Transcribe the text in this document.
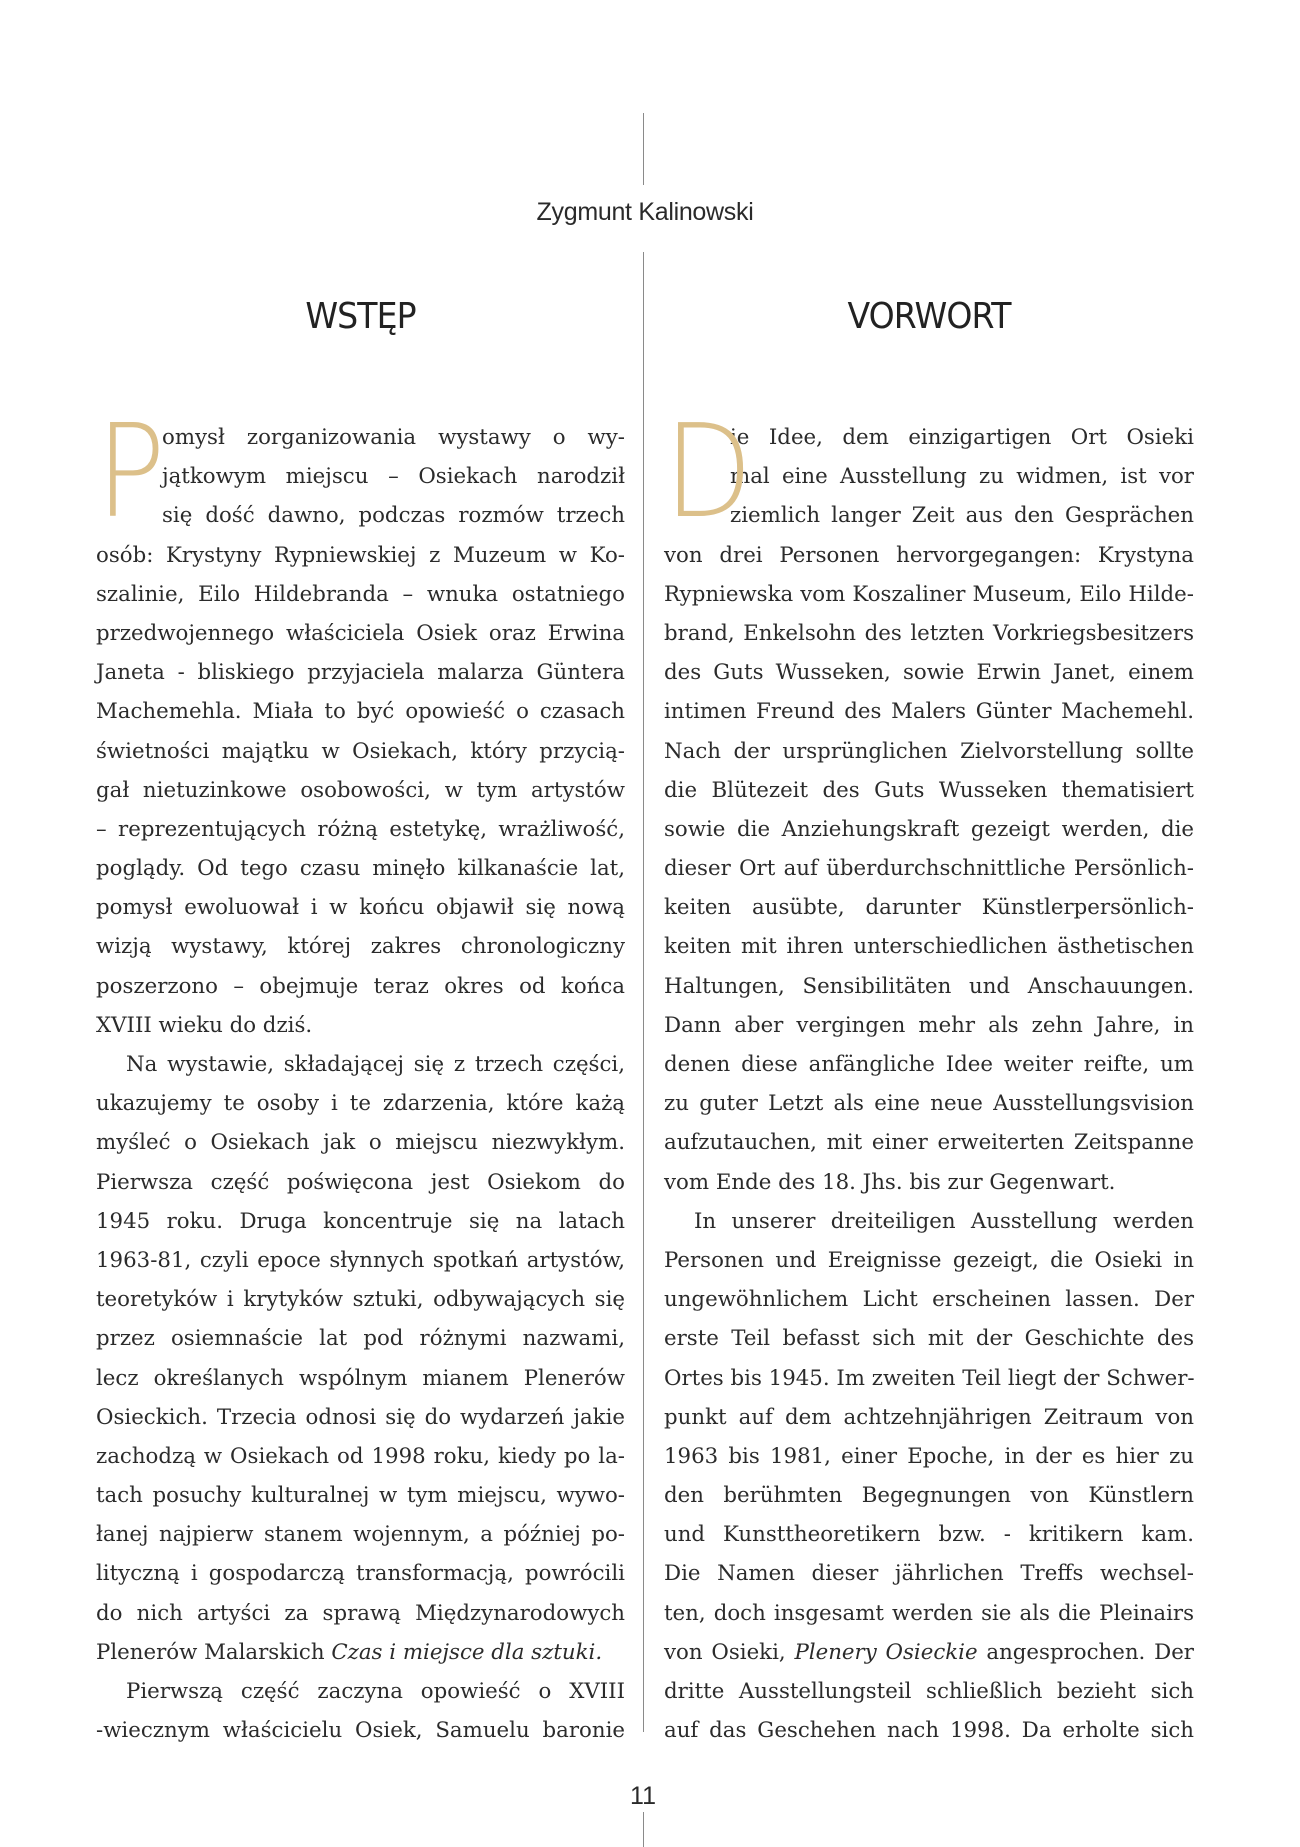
Zygmunt Kalinowski
WSTĘP	VORWORT
P
omysł zorganizowania wystawy o wy-
jątkowym miejscu – Osiekach narodził
się dość dawno, podczas rozmów trzech
osób: Krystyny Rypniewskiej z Muzeum w Ko-
szalinie, Eilo Hildebranda – wnuka ostatniego
przedwojennego właściciela Osiek oraz Erwina
Janeta - bliskiego przyjaciela malarza Güntera
Machemehla. Miała to być opowieść o czasach
świetności majątku w Osiekach, który przycią-
gał nietuzinkowe osobowości, w tym artystów
– reprezentujących różną estetykę, wrażliwość,
poglądy. Od tego czasu minęło kilkanaście lat,
pomysł ewoluował i w końcu objawił się nową
wizją wystawy, której zakres chronologiczny
poszerzono – obejmuje teraz okres od końca
XVIII wieku do dziś.
Na wystawie, składającej się z trzech części,
ukazujemy te osoby i te zdarzenia, które każą
myśleć o Osiekach jak o miejscu niezwykłym.
Pierwsza część poświęcona jest Osiekom do
1945 roku. Druga koncentruje się na latach
1963-81, czyli epoce słynnych spotkań artystów,
teoretyków i krytyków sztuki, odbywających się
przez osiemnaście lat pod różnymi nazwami,
lecz określanych wspólnym mianem Plenerów
Osieckich. Trzecia odnosi się do wydarzeń jakie
zachodzą w Osiekach od 1998 roku, kiedy po la-
tach posuchy kulturalnej w tym miejscu, wywo-
łanej najpierw stanem wojennym, a później po-
lityczną i gospodarczą transformacją, powrócili
do nich artyści za sprawą Międzynarodowych
Plenerów Malarskich Czas i miejsce dla sztuki.
Pierwszą część zaczyna opowieść o XVIII
-wiecznym właścicielu Osiek, Samuelu baronie
D
ie Idee, dem einzigartigen Ort Osieki
mal eine Ausstellung zu widmen, ist vor
ziemlich langer Zeit aus den Gesprächen
von drei Personen hervorgegangen: Krystyna
Rypniewska vom Koszaliner Museum, Eilo Hilde-
brand, Enkelsohn des letzten Vorkriegsbesitzers
des Guts Wusseken, sowie Erwin Janet, einem
intimen Freund des Malers Günter Machemehl.
Nach der ursprünglichen Zielvorstellung sollte
die Blütezeit des Guts Wusseken thematisiert
sowie die Anziehungskraft gezeigt werden, die
dieser Ort auf überdurchschnittliche Persönlich-
keiten ausübte, darunter Künstlerpersönlich-
keiten mit ihren unterschiedlichen ästhetischen
Haltungen, Sensibilitäten und Anschauungen.
Dann aber vergingen mehr als zehn Jahre, in
denen diese anfängliche Idee weiter reifte, um
zu guter Letzt als eine neue Ausstellungsvision
aufzutauchen, mit einer erweiterten Zeitspanne
vom Ende des 18. Jhs. bis zur Gegenwart.
In unserer dreiteiligen Ausstellung werden
Personen und Ereignisse gezeigt, die Osieki in
ungewöhnlichem Licht erscheinen lassen. Der
erste Teil befasst sich mit der Geschichte des
Ortes bis 1945. Im zweiten Teil liegt der Schwer-
punkt auf dem achtzehnjährigen Zeitraum von
1963 bis 1981, einer Epoche, in der es hier zu
den berühmten Begegnungen von Künstlern
und Kunsttheoretikern bzw. - kritikern kam.
Die Namen dieser jährlichen Treffs wechsel-
ten, doch insgesamt werden sie als die Pleinairs
von Osieki, Plenery Osieckie angesprochen. Der
dritte Ausstellungsteil schließlich bezieht sich
auf das Geschehen nach 1998. Da erholte sich
11
